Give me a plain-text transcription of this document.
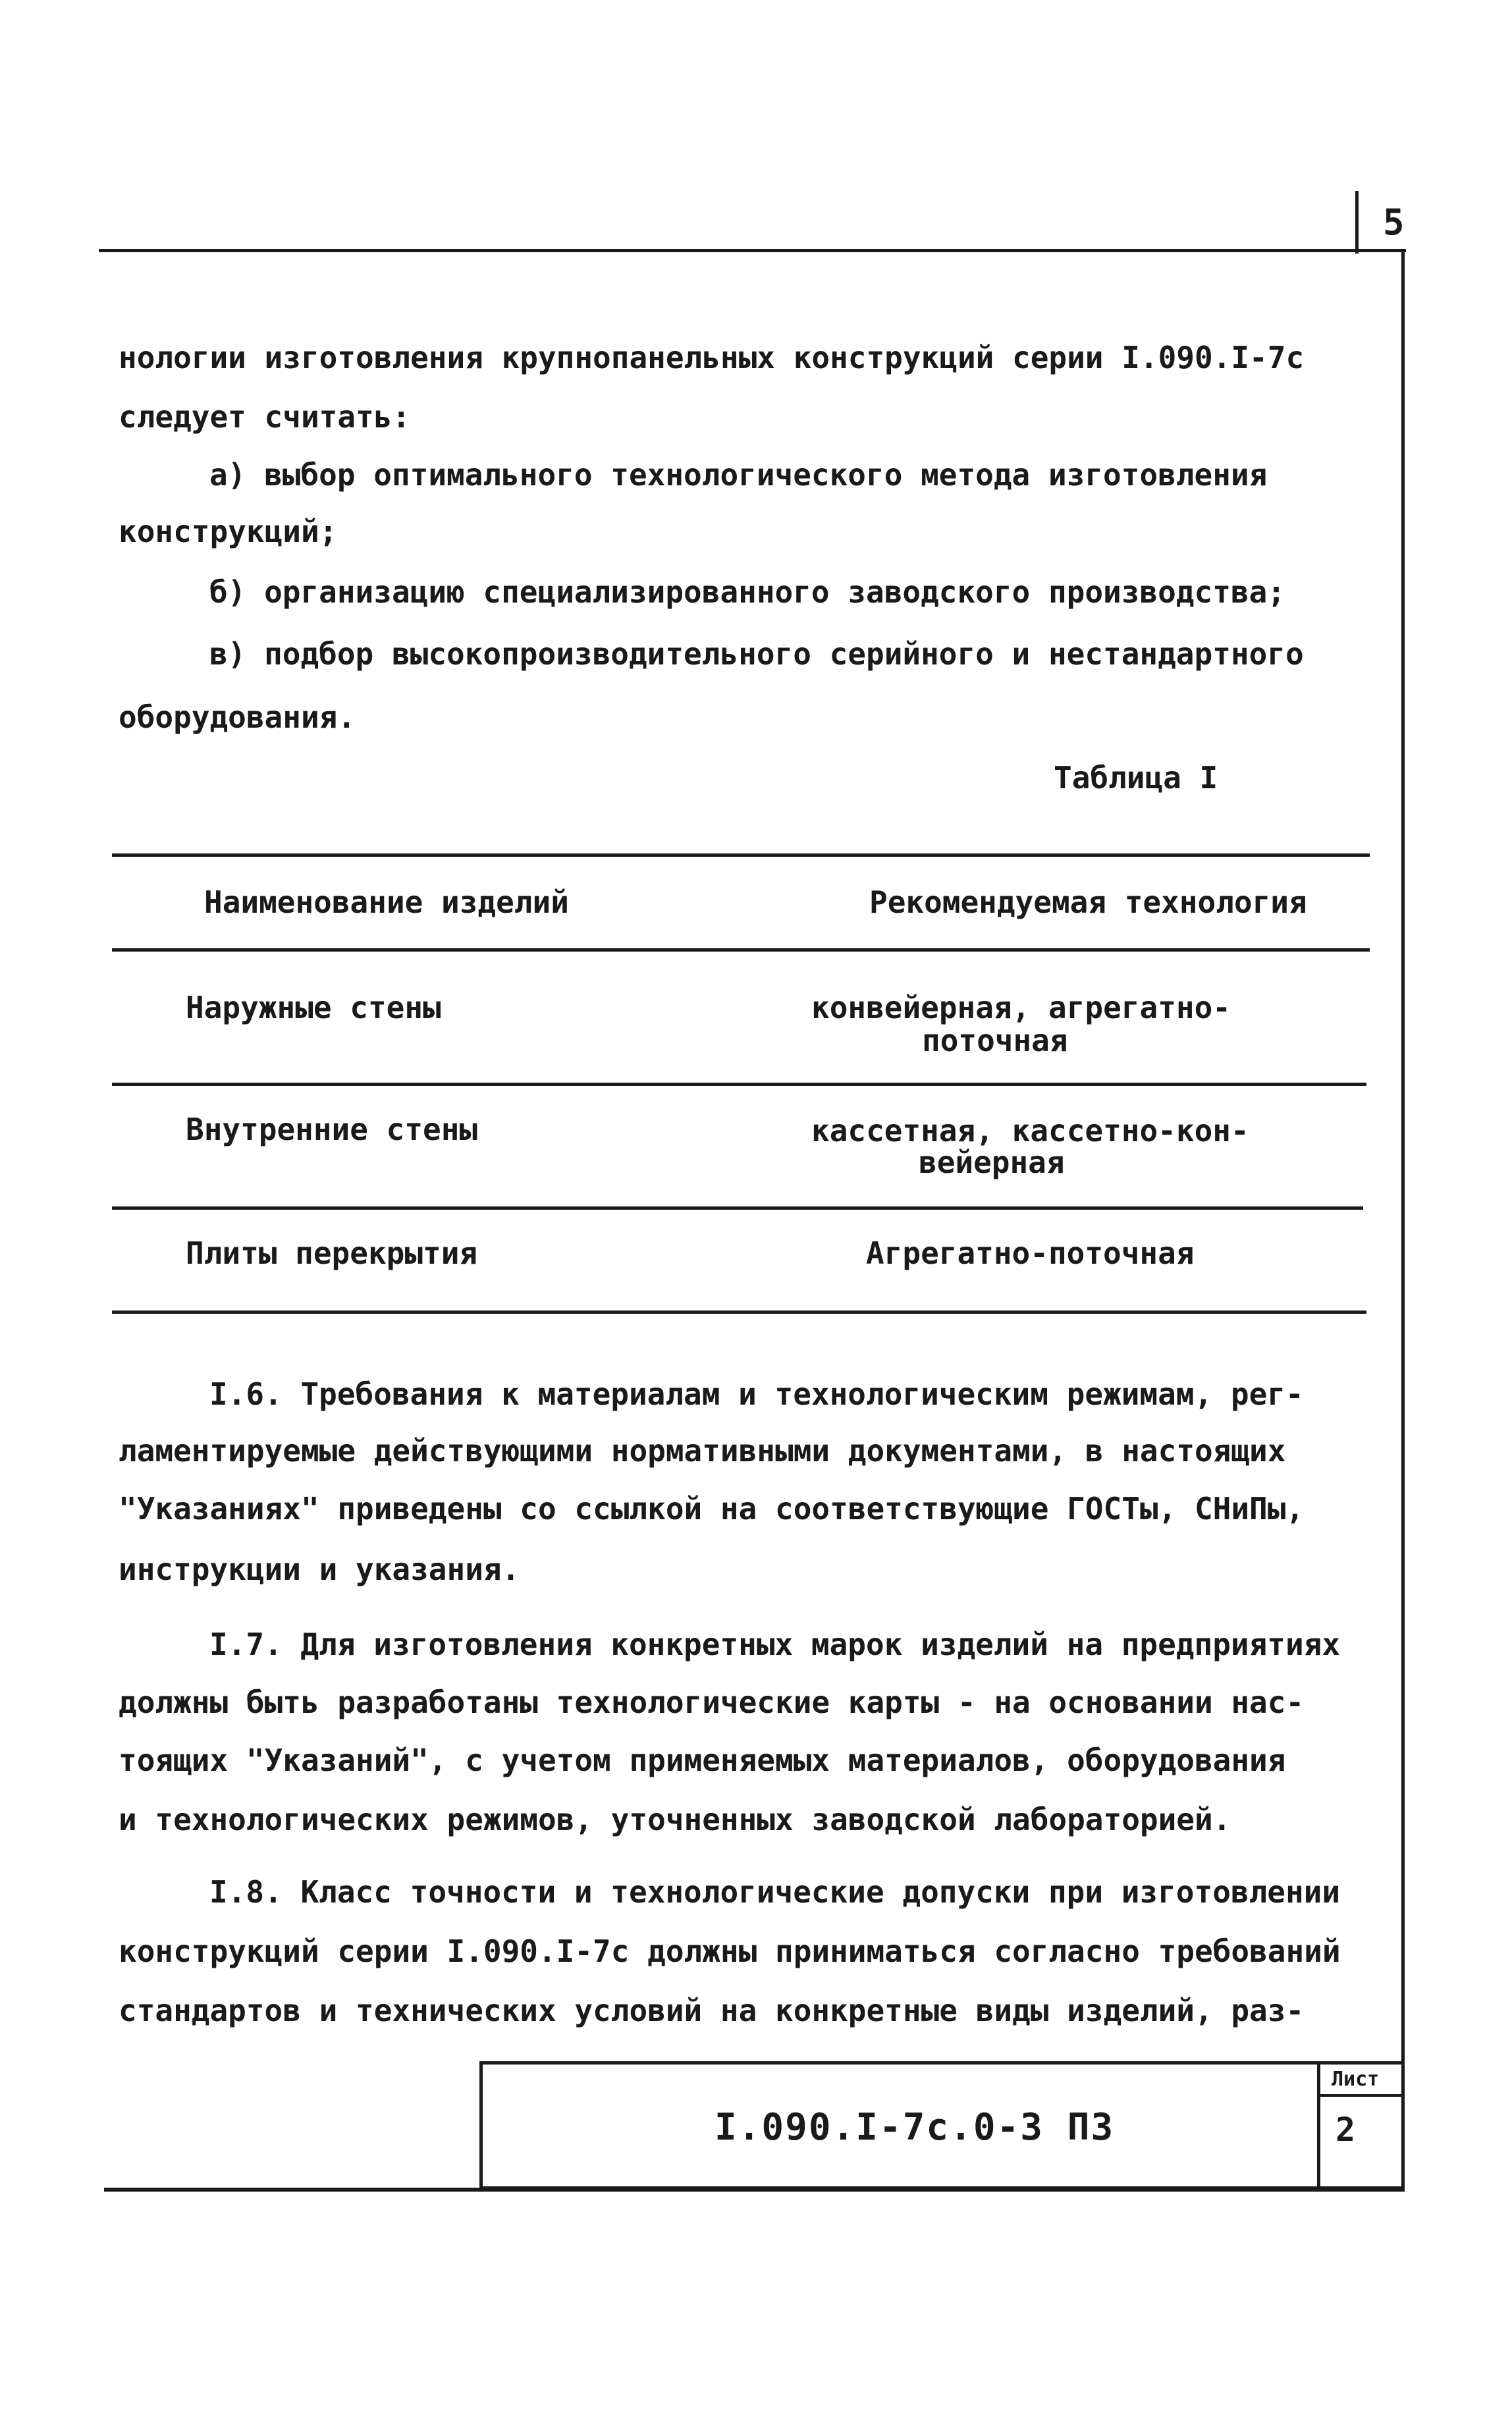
5
нологии изготовления крупнопанельных конструкций серии I.090.I-7с
следует считать:
а) выбор оптимального технологического метода изготовления
конструкций;
б) организацию специализированного заводского производства;
в) подбор высокопроизводительного серийного и нестандартного
оборудования.
Таблица I
Наименование изделий	Рекомендуемая технология
Наружные стены	конвейерная, агрегатно-
поточная
Внутренние стены	кассетная, кассетно-кон-
вейерная
Плиты перекрытия	Агрегатно-поточная
I.6. Требования к материалам и технологическим режимам, рег-
ламентируемые действующими нормативными документами, в настоящих
"Указаниях" приведены со ссылкой на соответствующие ГОСТы, СНиПы,
инструкции и указания.
I.7. Для изготовления конкретных марок изделий на предприятиях
должны быть разработаны технологические карты - на основании нас-
тоящих "Указаний", с учетом применяемых материалов, оборудования
и технологических режимов, уточненных заводской лабораторией.
I.8. Класс точности и технологические допуски при изготовлении
конструкций серии I.090.I-7с должны приниматься согласно требований
стандартов и технических условий на конкретные виды изделий, раз-
I.090.I-7с.0-3 ПЗ
Лист
2
